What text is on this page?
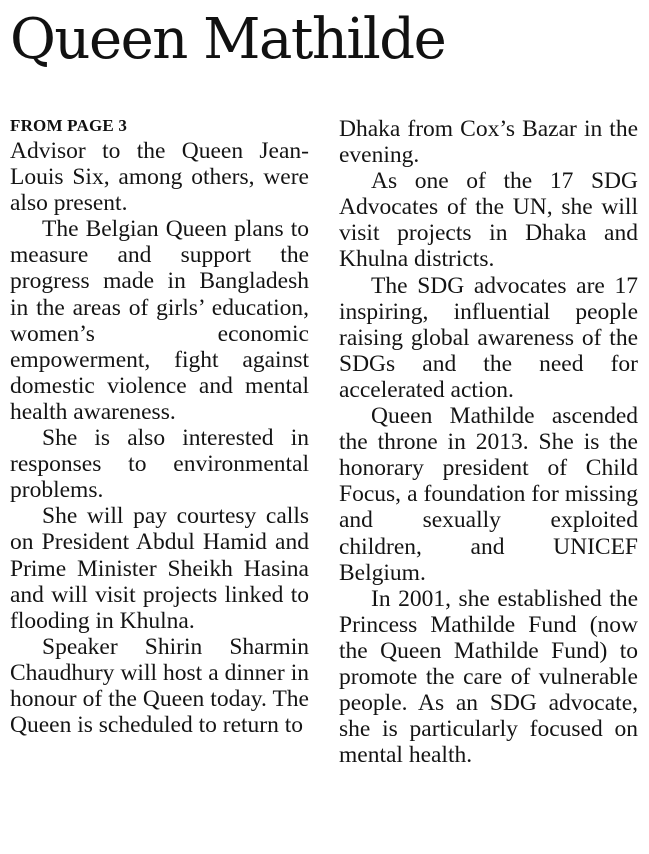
Queen Mathilde
FROM PAGE 3

Advisor to the Queen Jean-Louis Six, among others, were also present.

The Belgian Queen plans to measure and support the progress made in Bangladesh in the areas of girls’ education, women’s economic empowerment, fight against domestic violence and mental health awareness.

She is also interested in responses to environmental problems.

She will pay courtesy calls on President Abdul Hamid and Prime Minister Sheikh Hasina and will visit projects linked to flooding in Khulna.

Speaker Shirin Sharmin Chaudhury will host a dinner in honour of the Queen today. The Queen is scheduled to return to

Dhaka from Cox’s Bazar in the evening.

As one of the 17 SDG Advocates of the UN, she will visit projects in Dhaka and Khulna districts.

The SDG advocates are 17 inspiring, influential people raising global awareness of the SDGs and the need for accelerated action.

Queen Mathilde ascended the throne in 2013. She is the honorary president of Child Focus, a foundation for missing and sexually exploited children, and UNICEF Belgium.

In 2001, she established the Princess Mathilde Fund (now the Queen Mathilde Fund) to promote the care of vulnerable people. As an SDG advocate, she is particularly focused on mental health.
